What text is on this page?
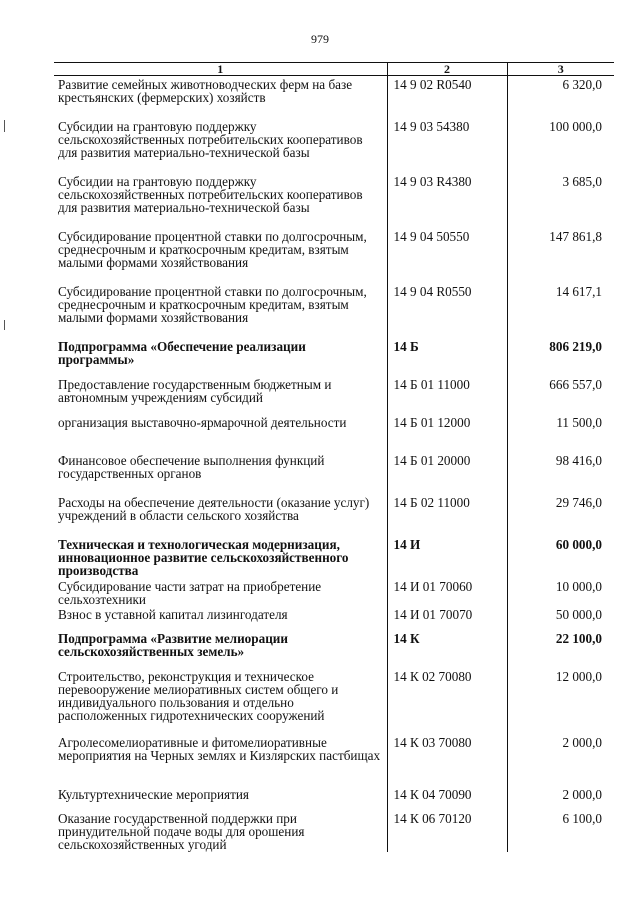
979
1	2	3
Развитие семейных животноводческих ферм на базе крестьянских (фермерских) хозяйств	14 9 02 R0540	6 320,0
Субсидии на грантовую поддержку сельскохозяйственных потребительских кооперативов для развития материально-технической базы	14 9 03 54380	100 000,0
Субсидии на грантовую поддержку сельскохозяйственных потребительских кооперативов для развития материально-технической базы	14 9 03 R4380	3 685,0
Субсидирование процентной ставки по долгосрочным, среднесрочным и краткосрочным кредитам, взятым малыми формами хозяйствования	14 9 04 50550	147 861,8
Субсидирование процентной ставки по долгосрочным, среднесрочным и краткосрочным кредитам, взятым малыми формами хозяйствования	14 9 04 R0550	14 617,1
Подпрограмма «Обеспечение реализации программы»	14 Б	806 219,0
Предоставление государственным бюджетным и автономным учреждениям субсидий	14 Б 01 11000	666 557,0
организация выставочно-ярмарочной деятельности	14 Б 01 12000	11 500,0
Финансовое обеспечение выполнения функций государственных органов	14 Б 01 20000	98 416,0
Расходы на обеспечение деятельности (оказание услуг) учреждений в области сельского хозяйства	14 Б 02 11000	29 746,0
Техническая и технологическая модернизация, инновационное развитие сельскохозяйственного производства	14 И	60 000,0
Субсидирование части затрат на приобретение сельхозтехники	14 И 01 70060	10 000,0
Взнос в уставной капитал лизингодателя	14 И 01 70070	50 000,0
Подпрограмма «Развитие мелиорации сельскохозяйственных земель»	14 К	22 100,0
Строительство, реконструкция и техническое перевооружение мелиоративных систем общего и индивидуального пользования и отдельно расположенных гидротехнических сооружений	14 К 02 70080	12 000,0
Агролесомелиоративные и фитомелиоративные мероприятия на Черных землях и Кизлярских пастбищах	14 К 03 70080	2 000,0
Культуртехнические мероприятия	14 К 04 70090	2 000,0
Оказание государственной поддержки при принудительной подаче воды для орошения сельскохозяйственных угодий	14 К 06 70120	6 100,0
